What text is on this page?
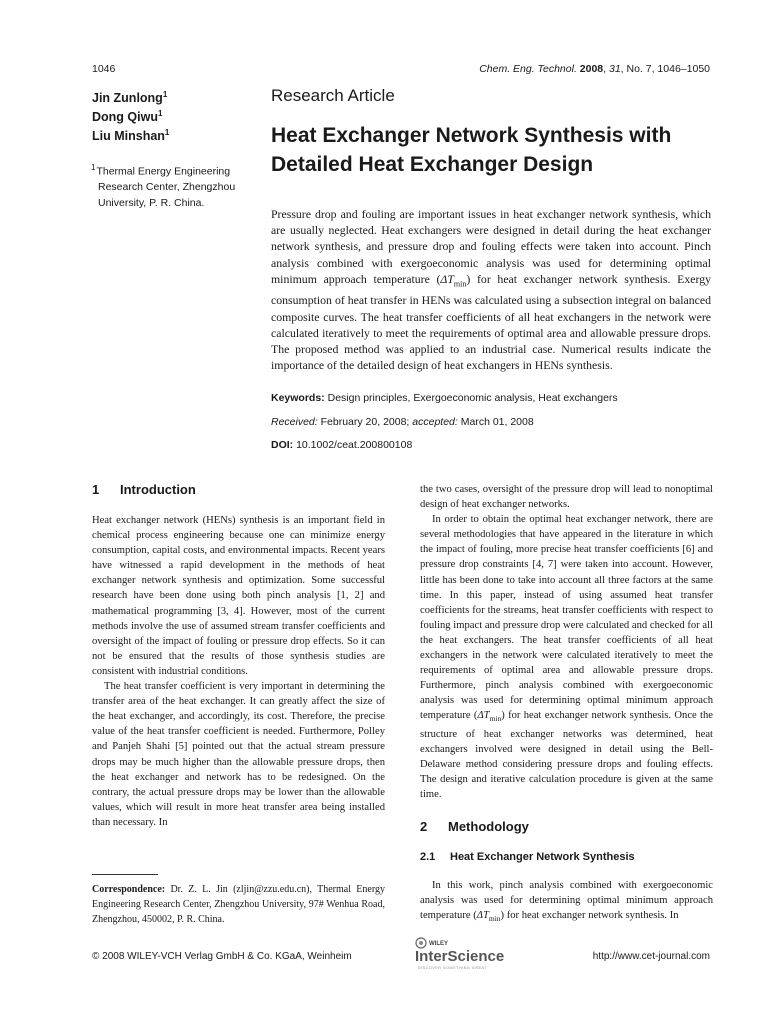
1046	Chem. Eng. Technol. 2008, 31, No. 7, 1046–1050
Jin Zunlong$^1$
Dong Qiwu$^1$
Liu Minshan$^1$
$^1$Thermal Energy Engineering
Research Center, Zhengzhou
University, P. R. China.
Research Article
Heat Exchanger Network Synthesis with Detailed Heat Exchanger Design
Pressure drop and fouling are important issues in heat exchanger network synthesis, which are usually neglected. Heat exchangers were designed in detail during the heat exchanger network synthesis, and pressure drop and fouling effects were taken into account. Pinch analysis combined with exergoeconomic analysis was used for determining optimal minimum approach temperature $(\Delta T_{min})$ for heat exchanger network synthesis. Exergy consumption of heat transfer in HENs was calculated using a subsection integral on balanced composite curves. The heat transfer coefficients of all heat exchangers in the network were calculated iteratively to meet the requirements of optimal area and allowable pressure drops. The proposed method was applied to an industrial case. Numerical results indicate the importance of the detailed design of heat exchangers in HENs synthesis.
Keywords: Design principles, Exergoeconomic analysis, Heat exchangers
Received: February 20, 2008; accepted: March 01, 2008
DOI: 10.1002/ceat.200800108
1 Introduction

Heat exchanger network (HENs) synthesis is an important field in chemical process engineering because one can minimize energy consumption, capital costs, and environmental impacts. Recent years have witnessed a rapid development in the methods of heat exchanger network synthesis and optimization. Some successful research have been done using both pinch analysis [1, 2] and mathematical programming [3, 4]. However, most of the current methods involve the use of assumed stream transfer coefficients and oversight of the impact of fouling or pressure drop effects. So it can not be ensured that the results of those synthesis studies are consistent with industrial conditions.

The heat transfer coefficient is very important in determining the transfer area of the heat exchanger. It can greatly affect the size of the heat exchanger, and accordingly, its cost. Therefore, the precise value of the heat transfer coefficient is needed. Furthermore, Polley and Panjeh Shahi [5] pointed out that the actual stream pressure drops may be much higher than the allowable pressure drops, then the heat exchanger and network has to be redesigned. On the contrary, the actual pressure drops may be lower than the allowable values, which will result in more heat transfer area being installed than necessary. In

the two cases, oversight of the pressure drop will lead to nonoptimal design of heat exchanger networks.

In order to obtain the optimal heat exchanger network, there are several methodologies that have appeared in the literature in which the impact of fouling, more precise heat transfer coefficients [6] and pressure drop constraints [4, 7] were taken into account. However, little has been done to take into account all three factors at the same time. In this paper, instead of using assumed heat transfer coefficients for the streams, heat transfer coefficients with respect to fouling impact and pressure drop were calculated and checked for all the heat exchangers. The heat transfer coefficients of all heat exchangers in the network were calculated iteratively to meet the requirements of optimal area and allowable pressure drops. Furthermore, pinch analysis combined with exergoeconomic analysis was used for determining optimal minimum approach temperature $(\Delta T_{min})$ for heat exchanger network synthesis. Once the structure of heat exchanger networks was determined, heat exchangers involved were designed in detail using the Bell-Delaware method considering pressure drops and fouling effects. The design and iterative calculation procedure is given at the same time.

2 Methodology
2.1 Heat Exchanger Network Synthesis

In this work, pinch analysis combined with exergoeconomic analysis was used for determining optimal minimum approach temperature $(\Delta T_{min})$ for heat exchanger network synthesis. In

Correspondence: Dr. Z. L. Jin (zljin@zzu.edu.cn), Thermal Energy Engineering Research Center, Zhengzhou University, 97# Wenhua Road, Zhengzhou, 450002, P. R. China.
© 2008 WILEY-VCH Verlag GmbH & Co. KGaA, Weinheim
WILEY
InterScience
DISCOVER SOMETHING GREAT
http://www.cet-journal.com
